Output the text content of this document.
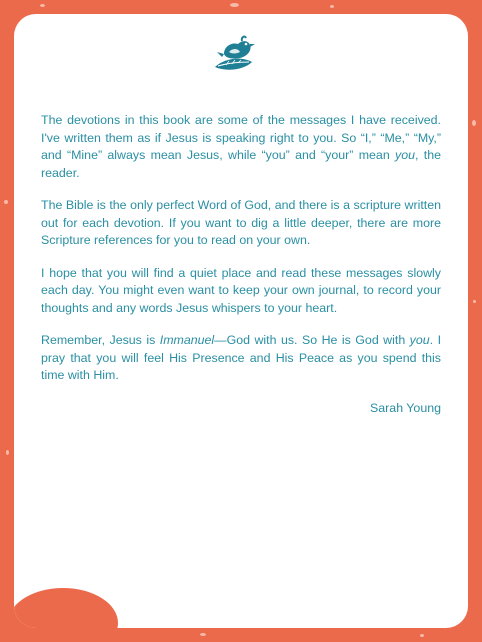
The devotions in this book are some of the messages I have received. I've written them as if Jesus is speaking right to you. So “I,” “Me,” “My,” and “Mine” always mean Jesus, while “you” and “your” mean you, the reader.

The Bible is the only perfect Word of God, and there is a scripture written out for each devotion. If you want to dig a little deeper, there are more Scripture references for you to read on your own.

I hope that you will find a quiet place and read these messages slowly each day. You might even want to keep your own journal, to record your thoughts and any words Jesus whispers to your heart.

Remember, Jesus is Immanuel—God with us. So He is God with you. I pray that you will feel His Presence and His Peace as you spend this time with Him.

Sarah Young
